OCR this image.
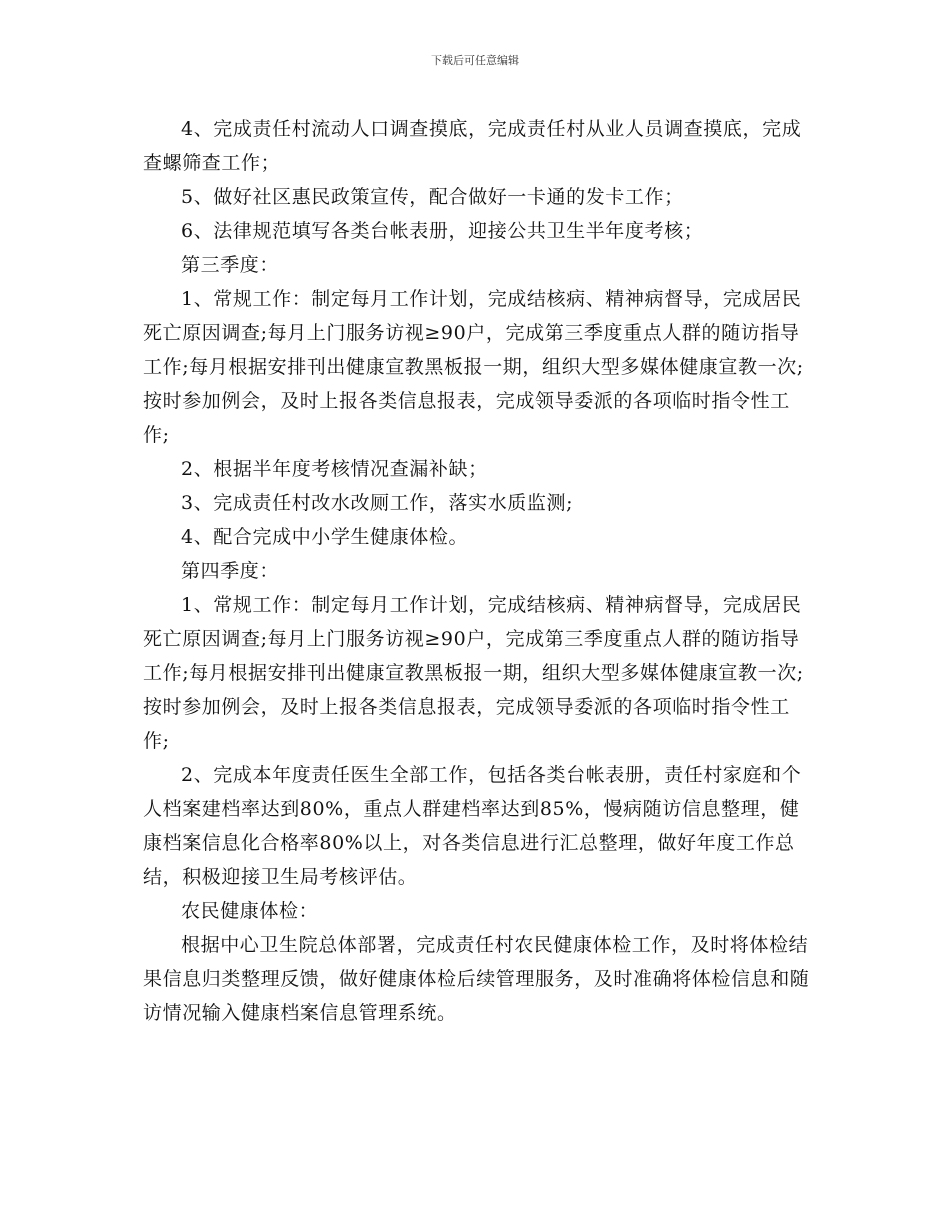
下载后可任意编辑

4、完成责任村流动人口调查摸底，完成责任村从业人员调查摸底，完成查螺筛查工作；

5、做好社区惠民政策宣传，配合做好一卡通的发卡工作；

6、法律规范填写各类台帐表册，迎接公共卫生半年度考核；

第三季度：

1、常规工作：制定每月工作计划，完成结核病、精神病督导，完成居民死亡原因调查;每月上门服务访视≥90户，完成第三季度重点人群的随访指导工作;每月根据安排刊出健康宣教黑板报一期，组织大型多媒体健康宣教一次;按时参加例会，及时上报各类信息报表，完成领导委派的各项临时指令性工作;

2、根据半年度考核情况查漏补缺；

3、完成责任村改水改厕工作，落实水质监测;

4、配合完成中小学生健康体检。

第四季度：

1、常规工作：制定每月工作计划，完成结核病、精神病督导，完成居民死亡原因调查;每月上门服务访视≥90户，完成第三季度重点人群的随访指导工作;每月根据安排刊出健康宣教黑板报一期，组织大型多媒体健康宣教一次;按时参加例会，及时上报各类信息报表，完成领导委派的各项临时指令性工作;

2、完成本年度责任医生全部工作，包括各类台帐表册，责任村家庭和个人档案建档率达到80%，重点人群建档率达到85%，慢病随访信息整理，健康档案信息化合格率80%以上，对各类信息进行汇总整理，做好年度工作总结，积极迎接卫生局考核评估。

农民健康体检：

根据中心卫生院总体部署，完成责任村农民健康体检工作，及时将体检结果信息归类整理反馈，做好健康体检后续管理服务，及时准确将体检信息和随访情况输入健康档案信息管理系统。
